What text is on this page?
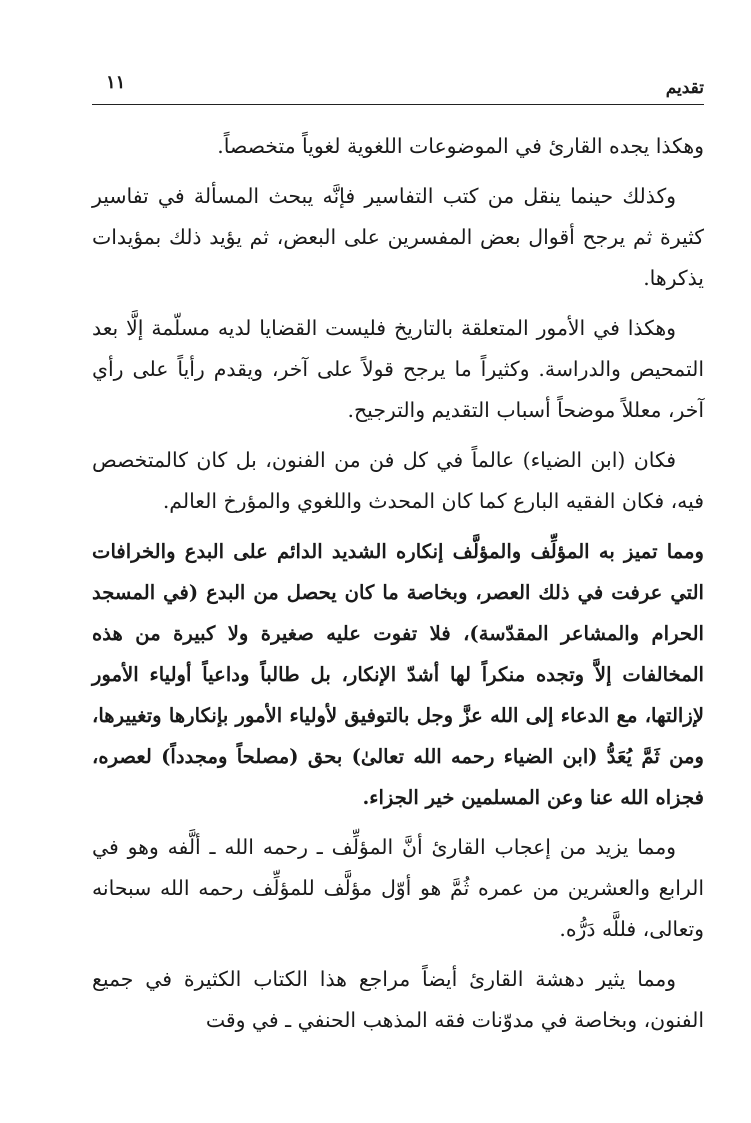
تقديم
١١

وهكذا يجده القارئ في الموضوعات اللغوية لغوياً متخصصاً.

وكذلك حينما ينقل من كتب التفاسير فإنَّه يبحث المسألة في تفاسير كثيرة ثم يرجح أقوال بعض المفسرين على البعض، ثم يؤيد ذلك بمؤيدات يذكرها.

وهكذا في الأمور المتعلقة بالتاريخ فليست القضايا لديه مسلّمة إلَّا بعد التمحيص والدراسة. وكثيراً ما يرجح قولاً على آخر، ويقدم رأياً على رأي آخر، معللاً موضحاً أسباب التقديم والترجيح.

فكان (ابن الضياء) عالماً في كل فن من الفنون، بل كان كالمتخصص فيه، فكان الفقيه البارع كما كان المحدث واللغوي والمؤرخ العالم.

ومما تميز به المؤلِّف والمؤلَّف إنكاره الشديد الدائم على البدع والخرافات التي عرفت في ذلك العصر، وبخاصة ما كان يحصل من البدع (في المسجد الحرام والمشاعر المقدّسة)، فلا تفوت عليه صغيرة ولا كبيرة من هذه المخالفات إلاَّ وتجده منكراً لها أشدّ الإنكار، بل طالباً وداعياً أولياء الأمور لإزالتها، مع الدعاء إلى الله عزَّ وجل بالتوفيق لأولياء الأمور بإنكارها وتغييرها، ومن ثَمَّ يُعَدُّ (ابن الضياء رحمه الله تعالىٰ) بحق (مصلحاً ومجدداً) لعصره، فجزاه الله عنا وعن المسلمين خير الجزاء.

ومما يزيد من إعجاب القارئ أنَّ المؤلِّف ـ رحمه الله ـ ألَّفه وهو في الرابع والعشرين من عمره ثُمَّ هو أوّل مؤلَّف للمؤلِّف رحمه الله سبحانه وتعالى، فللَّه دَرُّه.

ومما يثير دهشة القارئ أيضاً مراجع هذا الكتاب الكثيرة في جميع الفنون، وبخاصة في مدوّنات فقه المذهب الحنفي ـ في وقت
